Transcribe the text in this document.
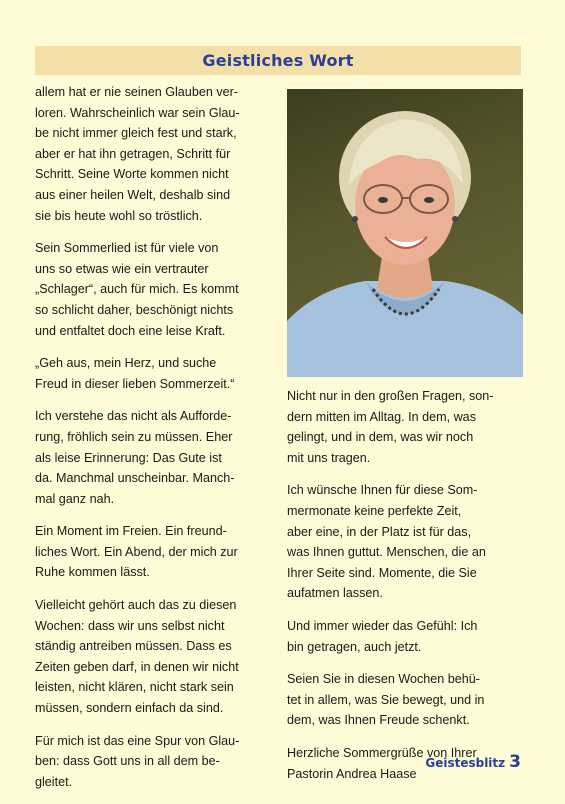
Geistliches Wort

allem hat er nie seinen Glauben ver-
loren. Wahrscheinlich war sein Glau-
be nicht immer gleich fest und stark,
aber er hat ihn getragen, Schritt für
Schritt. Seine Worte kommen nicht
aus einer heilen Welt, deshalb sind
sie bis heute wohl so tröstlich.

Sein Sommerlied ist für viele von
uns so etwas wie ein vertrauter
„Schlager“, auch für mich. Es kommt
so schlicht daher, beschönigt nichts
und entfaltet doch eine leise Kraft.

„Geh aus, mein Herz, und suche
Freud in dieser lieben Sommerzeit.“

Ich verstehe das nicht als Aufforde-
rung, fröhlich sein zu müssen. Eher
als leise Erinnerung: Das Gute ist
da. Manchmal unscheinbar. Manch-
mal ganz nah.

Ein Moment im Freien. Ein freund-
liches Wort. Ein Abend, der mich zur
Ruhe kommen lässt.

Vielleicht gehört auch das zu diesen
Wochen: dass wir uns selbst nicht
ständig antreiben müssen. Dass es
Zeiten geben darf, in denen wir nicht
leisten, nicht klären, nicht stark sein
müssen, sondern einfach da sind.

Für mich ist das eine Spur von Glau-
ben: dass Gott uns in all dem be-
gleitet.

Nicht nur in den großen Fragen, son-
dern mitten im Alltag. In dem, was
gelingt, und in dem, was wir noch
mit uns tragen.

Ich wünsche Ihnen für diese Som-
mermonate keine perfekte Zeit,
aber eine, in der Platz ist für das,
was Ihnen guttut. Menschen, die an
Ihrer Seite sind. Momente, die Sie
aufatmen lassen.

Und immer wieder das Gefühl: Ich
bin getragen, auch jetzt.

Seien Sie in diesen Wochen behü-
tet in allem, was Sie bewegt, und in
dem, was Ihnen Freude schenkt.

Herzliche Sommergrüße von Ihrer
Pastorin Andrea Haase

Geistesblitz 3
